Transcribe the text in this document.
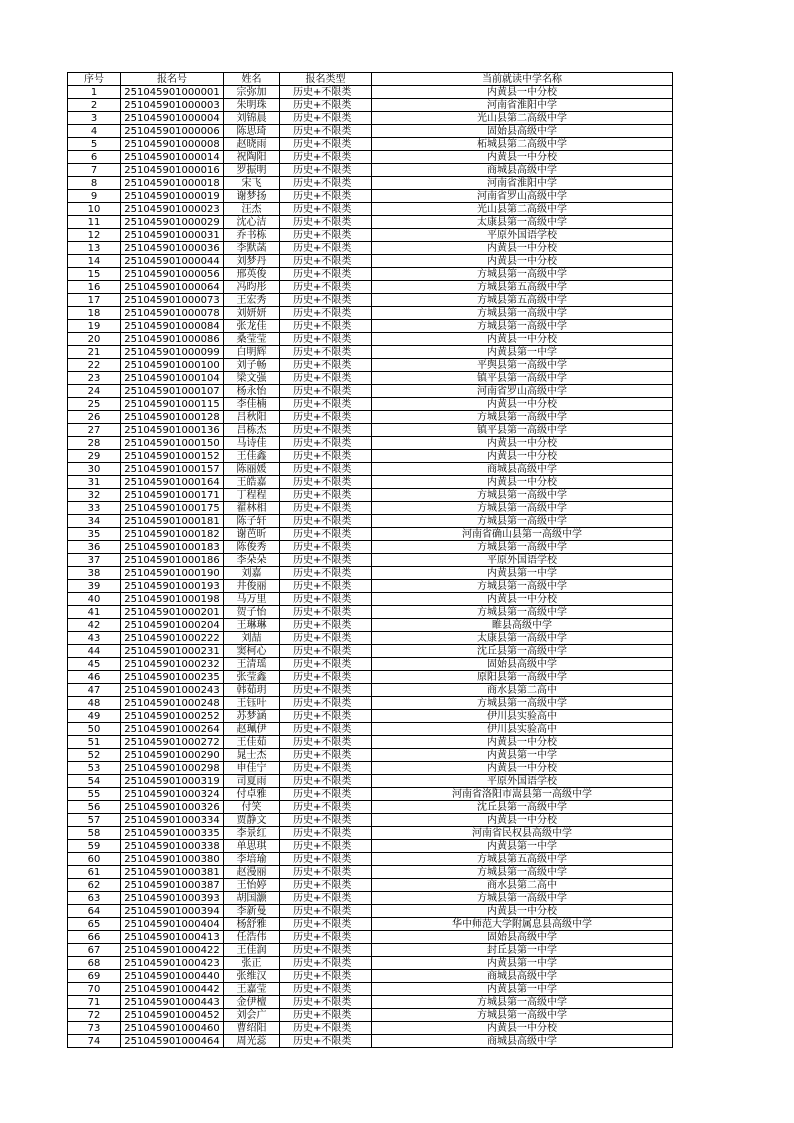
序号	报名号	姓名	报名类型	当前就读中学名称
1	251045901000001	宗弥加	历史+不限类	内黄县一中分校
2	251045901000003	朱明珠	历史+不限类	河南省淮阳中学
3	251045901000004	刘锦晨	历史+不限类	光山县第二高级中学
4	251045901000006	陈思琦	历史+不限类	固始县高级中学
5	251045901000008	赵晓雨	历史+不限类	柘城县第二高级中学
6	251045901000014	祝陶阳	历史+不限类	内黄县一中分校
7	251045901000016	罗振明	历史+不限类	商城县高级中学
8	251045901000018	宋飞	历史+不限类	河南省淮阳中学
9	251045901000019	谢梦扬	历史+不限类	河南省罗山高级中学
10	251045901000023	汪杰	历史+不限类	光山县第二高级中学
11	251045901000029	沈心洁	历史+不限类	太康县第一高级中学
12	251045901000031	乔书栋	历史+不限类	平原外国语学校
13	251045901000036	李默菡	历史+不限类	内黄县一中分校
14	251045901000044	刘梦丹	历史+不限类	内黄县一中分校
15	251045901000056	邢英俊	历史+不限类	方城县第一高级中学
16	251045901000064	冯昀彤	历史+不限类	方城县第五高级中学
17	251045901000073	王宏秀	历史+不限类	方城县第五高级中学
18	251045901000078	刘妍妍	历史+不限类	方城县第一高级中学
19	251045901000084	张龙佳	历史+不限类	方城县第一高级中学
20	251045901000086	桑莹莹	历史+不限类	内黄县一中分校
21	251045901000099	白明辉	历史+不限类	内黄县第一中学
22	251045901000100	刘子畅	历史+不限类	平舆县第一高级中学
23	251045901000104	梁文强	历史+不限类	镇平县第一高级中学
24	251045901000107	杨永怡	历史+不限类	河南省罗山高级中学
25	251045901000115	李佳楠	历史+不限类	内黄县一中分校
26	251045901000128	吕秋阳	历史+不限类	方城县第一高级中学
27	251045901000136	吕栋杰	历史+不限类	镇平县第一高级中学
28	251045901000150	马诗佳	历史+不限类	内黄县一中分校
29	251045901000152	王佳鑫	历史+不限类	内黄县一中分校
30	251045901000157	陈丽媛	历史+不限类	商城县高级中学
31	251045901000164	王皓嘉	历史+不限类	内黄县一中分校
32	251045901000171	丁程程	历史+不限类	方城县第一高级中学
33	251045901000175	翟林相	历史+不限类	方城县第一高级中学
34	251045901000181	陈子轩	历史+不限类	方城县第一高级中学
35	251045901000182	谢芭昕	历史+不限类	河南省确山县第一高级中学
36	251045901000183	陈俊秀	历史+不限类	方城县第一高级中学
37	251045901000186	李朵朵	历史+不限类	平原外国语学校
38	251045901000190	刘嘉	历史+不限类	内黄县第一中学
39	251045901000193	井俊丽	历史+不限类	方城县第一高级中学
40	251045901000198	马万里	历史+不限类	内黄县一中分校
41	251045901000201	贺子怡	历史+不限类	方城县第一高级中学
42	251045901000204	王琳琳	历史+不限类	睢县高级中学
43	251045901000222	刘喆	历史+不限类	太康县第一高级中学
44	251045901000231	窦柯心	历史+不限类	沈丘县第一高级中学
45	251045901000232	王清瑶	历史+不限类	固始县高级中学
46	251045901000235	张莹鑫	历史+不限类	原阳县第一高级中学
47	251045901000243	韩茹玥	历史+不限类	商水县第二高中
48	251045901000248	王钰叶	历史+不限类	方城县第一高级中学
49	251045901000252	苏梦涵	历史+不限类	伊川县实验高中
50	251045901000264	赵珮伊	历史+不限类	伊川县实验高中
51	251045901000272	王佳茹	历史+不限类	内黄县一中分校
52	251045901000290	晁士杰	历史+不限类	内黄县第一中学
53	251045901000298	申佳宁	历史+不限类	内黄县一中分校
54	251045901000319	司夏雨	历史+不限类	平原外国语学校
55	251045901000324	付卓雅	历史+不限类	河南省洛阳市嵩县第一高级中学
56	251045901000326	付笑	历史+不限类	沈丘县第一高级中学
57	251045901000334	贾静文	历史+不限类	内黄县一中分校
58	251045901000335	李景红	历史+不限类	河南省民权县高级中学
59	251045901000338	单思琪	历史+不限类	内黄县第一中学
60	251045901000380	李培瑜	历史+不限类	方城县第五高级中学
61	251045901000381	赵漫丽	历史+不限类	方城县第一高级中学
62	251045901000387	王怡婷	历史+不限类	商水县第二高中
63	251045901000393	胡国灏	历史+不限类	方城县第一高级中学
64	251045901000394	李新曼	历史+不限类	内黄县一中分校
65	251045901000404	杨舒雅	历史+不限类	华中师范大学附属息县高级中学
66	251045901000413	任浩伟	历史+不限类	固始县高级中学
67	251045901000422	王佳润	历史+不限类	封丘县第一中学
68	251045901000423	张正	历史+不限类	内黄县第一中学
69	251045901000440	张维汉	历史+不限类	商城县高级中学
70	251045901000442	王嘉莹	历史+不限类	内黄县第一中学
71	251045901000443	金伊檀	历史+不限类	方城县第一高级中学
72	251045901000452	刘会广	历史+不限类	方城县第一高级中学
73	251045901000460	曹绍阳	历史+不限类	内黄县一中分校
74	251045901000464	周光蕊	历史+不限类	商城县高级中学
